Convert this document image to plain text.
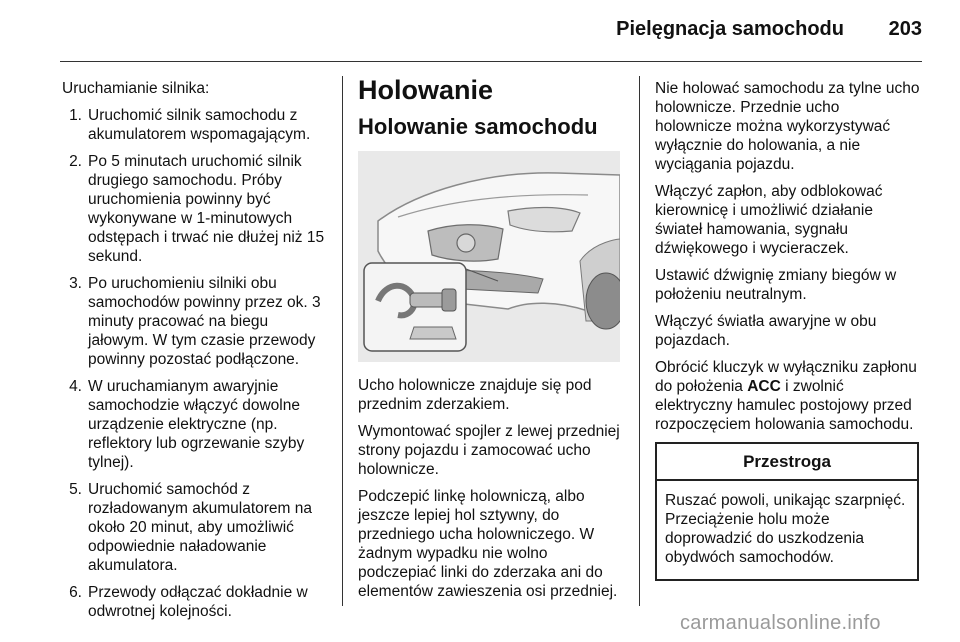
Pielęgnacja samochodu	203

Uruchamianie silnika:

1. Uruchomić silnik samochodu z akumulatorem wspomagającym.
2. Po 5 minutach uruchomić silnik drugiego samochodu. Próby uruchomienia powinny być wykonywane w 1-minutowych odstępach i trwać nie dłużej niż 15 sekund.
3. Po uruchomieniu silniki obu samochodów powinny przez ok. 3 minuty pracować na biegu jałowym. W tym czasie przewody powinny pozostać podłączone.
4. W uruchamianym awaryjnie samochodzie włączyć dowolne urządzenie elektryczne (np. reflektory lub ogrzewanie szyby tylnej).
5. Uruchomić samochód z rozładowanym akumulatorem na około 20 minut, aby umożliwić odpowiednie naładowanie akumulatora.
6. Przewody odłączać dokładnie w odwrotnej kolejności.
Holowanie
Holowanie samochodu

Ucho holownicze znajduje się pod przednim zderzakiem.

Wymontować spojler z lewej przedniej strony pojazdu i zamocować ucho holownicze.

Podczepić linkę holowniczą, albo jeszcze lepiej hol sztywny, do przedniego ucha holowniczego. W żadnym wypadku nie wolno podczepiać linki do zderzaka ani do elementów zawieszenia osi przedniej.

Nie holować samochodu za tylne ucho holownicze. Przednie ucho holownicze można wykorzystywać wyłącznie do holowania, a nie wyciągania pojazdu.

Włączyć zapłon, aby odblokować kierownicę i umożliwić działanie świateł hamowania, sygnału dźwiękowego i wycieraczek.

Ustawić dźwignię zmiany biegów w położeniu neutralnym.

Włączyć światła awaryjne w obu pojazdach.

Obrócić kluczyk w wyłączniku zapłonu do położenia ACC i zwolnić elektryczny hamulec postojowy przed rozpoczęciem holowania samochodu.

Przestroga
Ruszać powoli, unikając szarpnięć. Przeciążenie holu może doprowadzić do uszkodzenia obydwóch samochodów.
carmanualsonline.info
